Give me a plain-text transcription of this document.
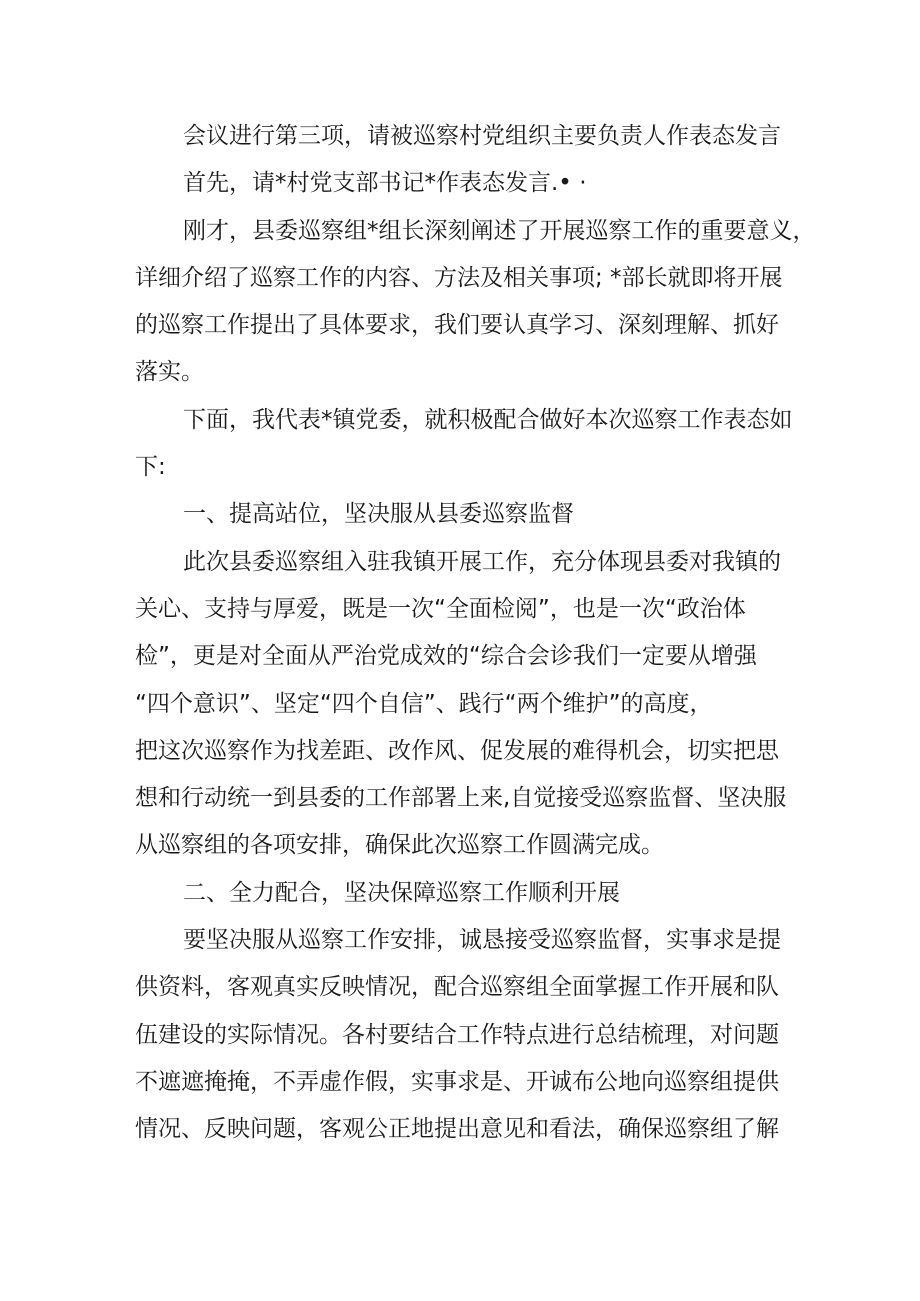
会议进行第三项，请被巡察村党组织主要负责人作表态发言
首先，请*村党支部书记*作表态发言.• ·
刚才，县委巡察组*组长深刻阐述了开展巡察工作的重要意义，
详细介绍了巡察工作的内容、方法及相关事项; *部长就即将开展
的巡察工作提出了具体要求，我们要认真学习、深刻理解、抓好
落实。
下面，我代表*镇党委，就积极配合做好本次巡察工作表态如
下:
一、提高站位，坚决服从县委巡察监督
此次县委巡察组入驻我镇开展工作，充分体现县委对我镇的
关心、支持与厚爱，既是一次“全面检阅”，也是一次“政治体
检”，更是对全面从严治党成效的“综合会诊我们一定要从增强
“四个意识”、坚定“四个自信”、践行“两个维护”的高度，
把这次巡察作为找差距、改作风、促发展的难得机会，切实把思
想和行动统一到县委的工作部署上来,自觉接受巡察监督、坚决服
从巡察组的各项安排，确保此次巡察工作圆满完成。
二、全力配合，坚决保障巡察工作顺利开展
要坚决服从巡察工作安排，诚恳接受巡察监督，实事求是提
供资料，客观真实反映情况，配合巡察组全面掌握工作开展和队
伍建设的实际情况。各村要结合工作特点进行总结梳理，对问题
不遮遮掩掩，不弄虚作假，实事求是、开诚布公地向巡察组提供
情况、反映问题，客观公正地提出意见和看法，确保巡察组了解
